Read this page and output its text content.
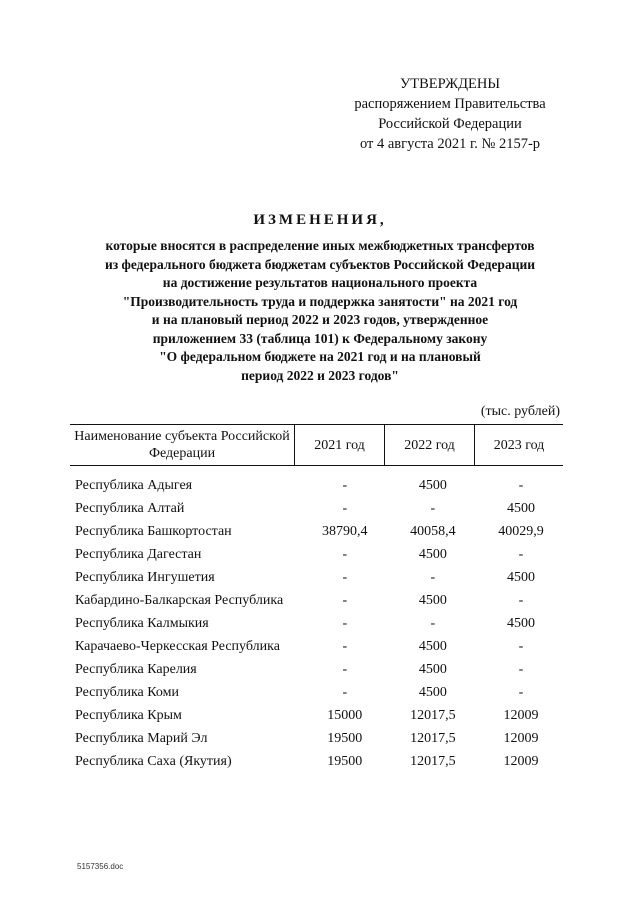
УТВЕРЖДЕНЫ
распоряжением Правительства
Российской Федерации
от 4 августа 2021 г. № 2157-р
ИЗМЕНЕНИЯ,
которые вносятся в распределение иных межбюджетных трансфертов
из федерального бюджета бюджетам субъектов Российской Федерации
на достижение результатов национального проекта
"Производительность труда и поддержка занятости" на 2021 год
и на плановый период 2022 и 2023 годов, утвержденное
приложением 33 (таблица 101) к Федеральному закону
"О федеральном бюджете на 2021 год и на плановый
период 2022 и 2023 годов"
(тыс. рублей)
Наименование субъекта Российской Федерации
2021 год	2022 год	2023 год
Республика Адыгея	-	4500	-
Республика Алтай	-	-	4500
Республика Башкортостан	38790,4	40058,4	40029,9
Республика Дагестан	-	4500	-
Республика Ингушетия	-	-	4500
Кабардино-Балкарская Республика	-	4500	-
Республика Калмыкия	-	-	4500
Карачаево-Черкесская Республика	-	4500	-
Республика Карелия	-	4500	-
Республика Коми	-	4500	-
Республика Крым	15000	12017,5	12009
Республика Марий Эл	19500	12017,5	12009
Республика Саха (Якутия)	19500	12017,5	12009
5157356.doc
